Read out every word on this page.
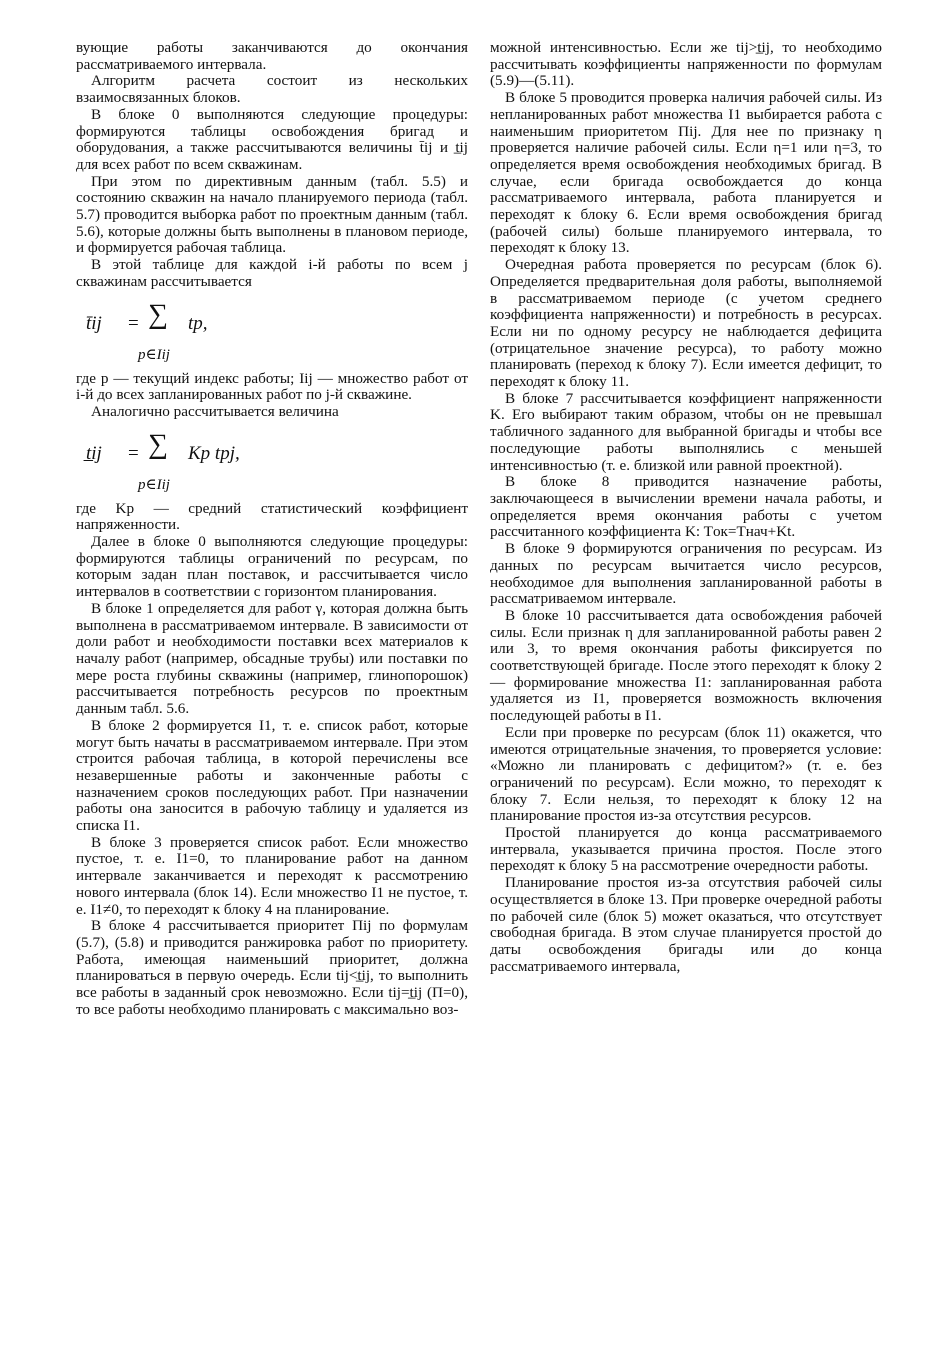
вующие работы заканчиваются до окончания рассматриваемого интервала.

Алгоритм расчета состоит из нескольких взаимосвязанных блоков.

В блоке 0 выполняются следующие процедуры: формируются таблицы освобождения бригад и оборудования, а также рассчитываются величины t̄ij и t̲ij для всех работ по всем скважинам.

При этом по директивным данным (табл. 5.5) и состоянию скважин на начало планируемого периода (табл. 5.7) проводится выборка работ по проектным данным (табл. 5.6), которые должны быть выполнены в плановом периоде, и формируется рабочая таблица.

В этой таблице для каждой i-й работы по всем j скважинам рассчитывается

t̄ij = ∑ tp,
p∈Iij

где p — текущий индекс работы; Iij — множество работ от i-й до всех запланированных работ по j-й скважине.

Аналогично рассчитывается величина

t̲ij = ∑ Kp tpj,
p∈Iij

где Kp — средний статистический коэффициент напряженности.

Далее в блоке 0 выполняются следующие процедуры: формируются таблицы ограничений по ресурсам, по которым задан план поставок, и рассчитывается число интервалов в соответствии с горизонтом планирования.

В блоке 1 определяется для работ γ, которая должна быть выполнена в рассматриваемом интервале. В зависимости от доли работ и необходимости поставки всех материалов к началу работ (например, обсадные трубы) или поставки по мере роста глубины скважины (например, глинопорошок) рассчитывается потребность ресурсов по проектным данным табл. 5.6.

В блоке 2 формируется I1, т. е. список работ, которые могут быть начаты в рассматриваемом интервале. При этом строится рабочая таблица, в которой перечислены все незавершенные работы и законченные работы с назначением сроков последующих работ. При назначении работы она заносится в рабочую таблицу и удаляется из списка I1.

В блоке 3 проверяется список работ. Если множество пустое, т. е. I1=0, то планирование работ на данном интервале заканчивается и переходят к рассмотрению нового интервала (блок 14). Если множество I1 не пустое, т. е. I1≠0, то переходят к блоку 4 на планирование.

В блоке 4 рассчитывается приоритет Пij по формулам (5.7), (5.8) и приводится ранжировка работ по приоритету. Работа, имеющая наименьший приоритет, должна планироваться в первую очередь. Если tij<t̲ij, то выполнить все работы в заданный срок невозможно. Если tij=t̲ij (П=0), то все работы необходимо планировать с максимально воз-

можной интенсивностью. Если же tij>t̲ij, то необходимо рассчитывать коэффициенты напряженности по формулам (5.9)—(5.11).

В блоке 5 проводится проверка наличия рабочей силы. Из непланированных работ множества I1 выбирается работа с наименьшим приоритетом Пij. Для нее по признаку η проверяется наличие рабочей силы. Если η=1 или η=3, то определяется время освобождения необходимых бригад. В случае, если бригада освобождается до конца рассматриваемого интервала, работа планируется и переходят к блоку 6. Если время освобождения бригад (рабочей силы) больше планируемого интервала, то переходят к блоку 13.

Очередная работа проверяется по ресурсам (блок 6). Определяется предварительная доля работы, выполняемой в рассматриваемом периоде (с учетом среднего коэффициента напряженности) и потребность в ресурсах. Если ни по одному ресурсу не наблюдается дефицита (отрицательное значение ресурса), то работу можно планировать (переход к блоку 7). Если имеется дефицит, то переходят к блоку 11.

В блоке 7 рассчитывается коэффициент напряженности K. Его выбирают таким образом, чтобы он не превышал табличного заданного для выбранной бригады и чтобы все последующие работы выполнялись с меньшей интенсивностью (т. е. близкой или равной проектной).

В блоке 8 приводится назначение работы, заключающееся в вычислении времени начала работы, и определяется время окончания работы с учетом рассчитанного коэффициента K: Tок=Tнач+Kt.

В блоке 9 формируются ограничения по ресурсам. Из данных по ресурсам вычитается число ресурсов, необходимое для выполнения запланированной работы в рассматриваемом интервале.

В блоке 10 рассчитывается дата освобождения рабочей силы. Если признак η для запланированной работы равен 2 или 3, то время окончания работы фиксируется по соответствующей бригаде. После этого переходят к блоку 2 — формирование множества I1: запланированная работа удаляется из I1, проверяется возможность включения последующей работы в I1.

Если при проверке по ресурсам (блок 11) окажется, что имеются отрицательные значения, то проверяется условие: «Можно ли планировать с дефицитом?» (т. е. без ограничений по ресурсам). Если можно, то переходят к блоку 7. Если нельзя, то переходят к блоку 12 на планирование простоя из-за отсутствия ресурсов.

Простой планируется до конца рассматриваемого интервала, указывается причина простоя. После этого переходят к блоку 5 на рассмотрение очередности работы.

Планирование простоя из-за отсутствия рабочей силы осуществляется в блоке 13. При проверке очередной работы по рабочей силе (блок 5) может оказаться, что отсутствует свободная бригада. В этом случае планируется простой до даты освобождения бригады или до конца рассматриваемого интервала,
